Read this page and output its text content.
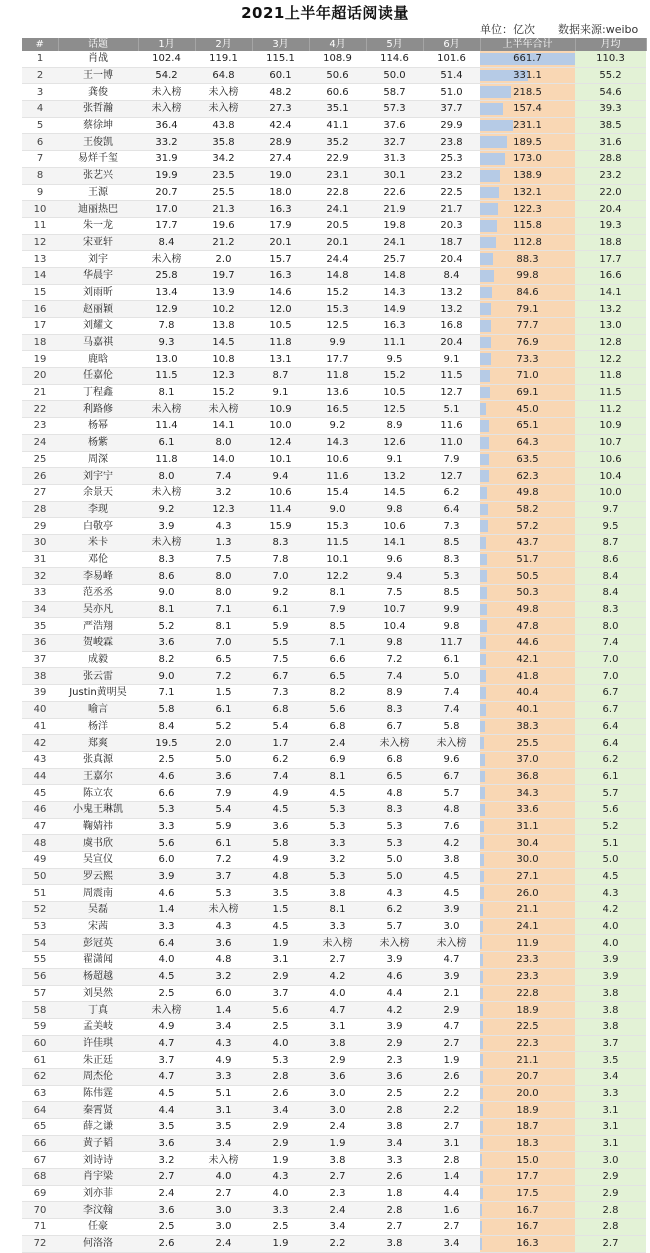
2021上半年超话阅读量
单位：亿次 数据来源:weibo
#	话题	1月	2月	3月	4月	5月	6月	上半年合计	月均
1	肖战	102.4	119.1	115.1	108.9	114.6	101.6	661.7	110.3
2	王一博	54.2	64.8	60.1	50.6	50.0	51.4	331.1	55.2
3	龚俊	未入榜	未入榜	48.2	60.6	58.7	51.0	218.5	54.6
4	张哲瀚	未入榜	未入榜	27.3	35.1	57.3	37.7	157.4	39.3
5	蔡徐坤	36.4	43.8	42.4	41.1	37.6	29.9	231.1	38.5
6	王俊凯	33.2	35.8	28.9	35.2	32.7	23.8	189.5	31.6
7	易烊千玺	31.9	34.2	27.4	22.9	31.3	25.3	173.0	28.8
8	张艺兴	19.9	23.5	19.0	23.1	30.1	23.2	138.9	23.2
9	王源	20.7	25.5	18.0	22.8	22.6	22.5	132.1	22.0
10	迪丽热巴	17.0	21.3	16.3	24.1	21.9	21.7	122.3	20.4
11	朱一龙	17.7	19.6	17.9	20.5	19.8	20.3	115.8	19.3
12	宋亚轩	8.4	21.2	20.1	20.1	24.1	18.7	112.8	18.8
13	刘宇	未入榜	2.0	15.7	24.4	25.7	20.4	88.3	17.7
14	华晨宇	25.8	19.7	16.3	14.8	14.8	8.4	99.8	16.6
15	刘雨昕	13.4	13.9	14.6	15.2	14.3	13.2	84.6	14.1
16	赵丽颖	12.9	10.2	12.0	15.3	14.9	13.2	79.1	13.2
17	刘耀文	7.8	13.8	10.5	12.5	16.3	16.8	77.7	13.0
18	马嘉祺	9.3	14.5	11.8	9.9	11.1	20.4	76.9	12.8
19	鹿晗	13.0	10.8	13.1	17.7	9.5	9.1	73.3	12.2
20	任嘉伦	11.5	12.3	8.7	11.8	15.2	11.5	71.0	11.8
21	丁程鑫	8.1	15.2	9.1	13.6	10.5	12.7	69.1	11.5
22	利路修	未入榜	未入榜	10.9	16.5	12.5	5.1	45.0	11.2
23	杨幂	11.4	14.1	10.0	9.2	8.9	11.6	65.1	10.9
24	杨紫	6.1	8.0	12.4	14.3	12.6	11.0	64.3	10.7
25	周深	11.8	14.0	10.1	10.6	9.1	7.9	63.5	10.6
26	刘宇宁	8.0	7.4	9.4	11.6	13.2	12.7	62.3	10.4
27	余景天	未入榜	3.2	10.6	15.4	14.5	6.2	49.8	10.0
28	李现	9.2	12.3	11.4	9.0	9.8	6.4	58.2	9.7
29	白敬亭	3.9	4.3	15.9	15.3	10.6	7.3	57.2	9.5
30	米卡	未入榜	1.3	8.3	11.5	14.1	8.5	43.7	8.7
31	邓伦	8.3	7.5	7.8	10.1	9.6	8.3	51.7	8.6
32	李易峰	8.6	8.0	7.0	12.2	9.4	5.3	50.5	8.4
33	范丞丞	9.0	8.0	9.2	8.1	7.5	8.5	50.3	8.4
34	吴亦凡	8.1	7.1	6.1	7.9	10.7	9.9	49.8	8.3
35	严浩翔	5.2	8.1	5.9	8.5	10.4	9.8	47.8	8.0
36	贺峻霖	3.6	7.0	5.5	7.1	9.8	11.7	44.6	7.4
37	成毅	8.2	6.5	7.5	6.6	7.2	6.1	42.1	7.0
38	张云雷	9.0	7.2	6.7	6.5	7.4	5.0	41.8	7.0
39	Justin黄明昊	7.1	1.5	7.3	8.2	8.9	7.4	40.4	6.7
40	喻言	5.8	6.1	6.8	5.6	8.3	7.4	40.1	6.7
41	杨洋	8.4	5.2	5.4	6.8	6.7	5.8	38.3	6.4
42	郑爽	19.5	2.0	1.7	2.4	未入榜	未入榜	25.5	6.4
43	张真源	2.5	5.0	6.2	6.9	6.8	9.6	37.0	6.2
44	王嘉尔	4.6	3.6	7.4	8.1	6.5	6.7	36.8	6.1
45	陈立农	6.6	7.9	4.9	4.5	4.8	5.7	34.3	5.7
46	小鬼王琳凯	5.3	5.4	4.5	5.3	8.3	4.8	33.6	5.6
47	鞠婧祎	3.3	5.9	3.6	5.3	5.3	7.6	31.1	5.2
48	虞书欣	5.6	6.1	5.8	3.3	5.3	4.2	30.4	5.1
49	吴宣仪	6.0	7.2	4.9	3.2	5.0	3.8	30.0	5.0
50	罗云熙	3.9	3.7	4.8	5.3	5.0	4.5	27.1	4.5
51	周震南	4.6	5.3	3.5	3.8	4.3	4.5	26.0	4.3
52	吴磊	1.4	未入榜	1.5	8.1	6.2	3.9	21.1	4.2
53	宋茜	3.3	4.3	4.5	3.3	5.7	3.0	24.1	4.0
54	彭冠英	6.4	3.6	1.9	未入榜	未入榜	未入榜	11.9	4.0
55	翟潇闻	4.0	4.8	3.1	2.7	3.9	4.7	23.3	3.9
56	杨超越	4.5	3.2	2.9	4.2	4.6	3.9	23.3	3.9
57	刘昊然	2.5	6.0	3.7	4.0	4.4	2.1	22.8	3.8
58	丁真	未入榜	1.4	5.6	4.7	4.2	2.9	18.9	3.8
59	孟美岐	4.9	3.4	2.5	3.1	3.9	4.7	22.5	3.8
60	许佳琪	4.7	4.3	4.0	3.8	2.9	2.7	22.3	3.7
61	朱正廷	3.7	4.9	5.3	2.9	2.3	1.9	21.1	3.5
62	周杰伦	4.7	3.3	2.8	3.6	3.6	2.6	20.7	3.4
63	陈伟霆	4.5	5.1	2.6	3.0	2.5	2.2	20.0	3.3
64	秦霄贤	4.4	3.1	3.4	3.0	2.8	2.2	18.9	3.1
65	薛之谦	3.5	3.5	2.9	2.4	3.8	2.7	18.7	3.1
66	黄子韬	3.6	3.4	2.9	1.9	3.4	3.1	18.3	3.1
67	刘诗诗	3.2	未入榜	1.9	3.8	3.3	2.8	15.0	3.0
68	肖宇梁	2.7	4.0	4.3	2.7	2.6	1.4	17.7	2.9
69	刘亦菲	2.4	2.7	4.0	2.3	1.8	4.4	17.5	2.9
70	李汶翰	3.6	3.0	3.3	2.4	2.8	1.6	16.7	2.8
71	任豪	2.5	3.0	2.5	3.4	2.7	2.7	16.7	2.8
72	何洛洛	2.6	2.4	1.9	2.2	3.8	3.4	16.3	2.7
